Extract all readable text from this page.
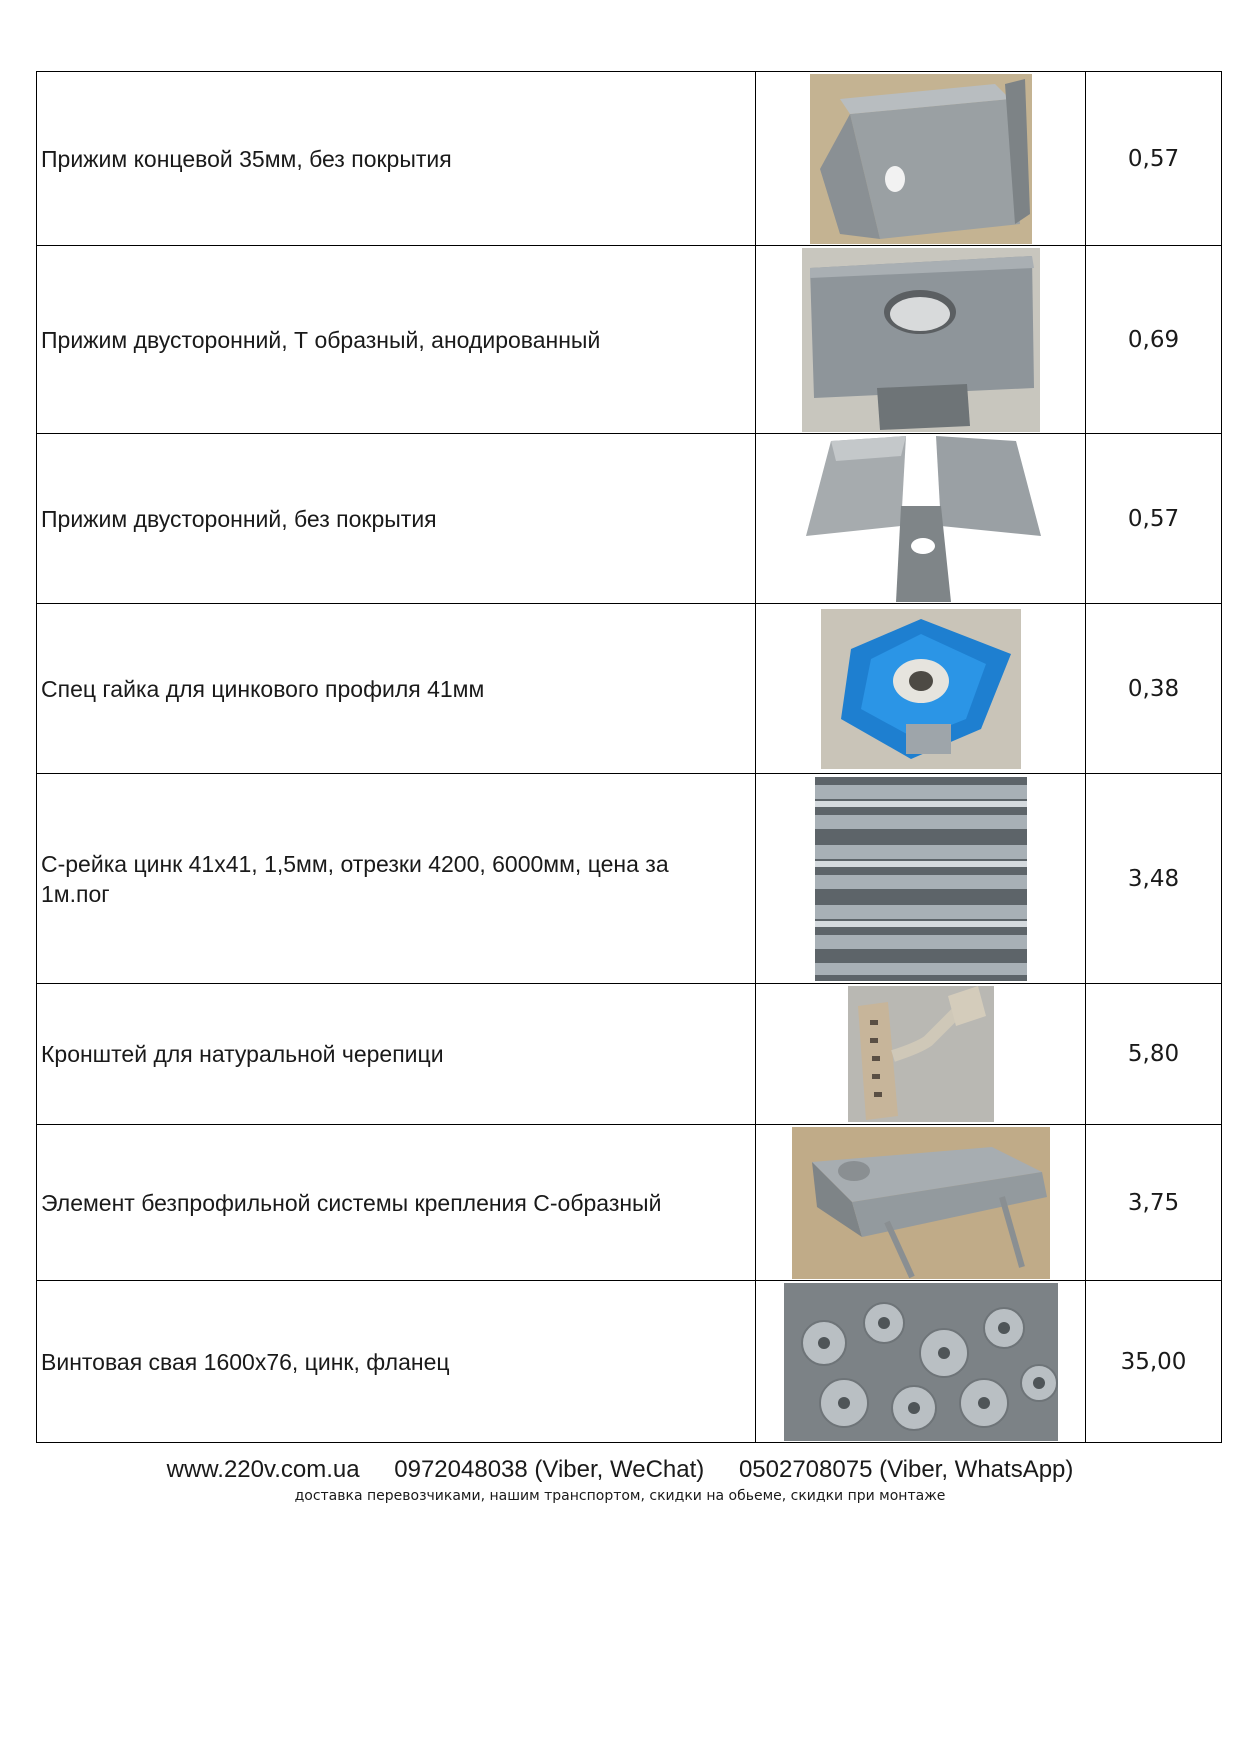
Прижим концевой 35мм, без покрытия		0,57
Прижим двусторонний, Т образный, анодированный		0,69
Прижим двусторонний, без покрытия		0,57
Спец гайка для цинкового профиля 41мм		0,38
С-рейка цинк 41х41, 1,5мм, отрезки 4200, 6000мм, цена за 1м.пог		3,48
Кронштей для натуральной черепици		5,80
Элемент безпрофильной системы крепления С-образный		3,75
Винтовая свая 1600х76, цинк, фланец		35,00
www.220v.com.ua 0972048038 (Viber, WeChat) 0502708075 (Viber, WhatsApp)
доставка перевозчиками, нашим транспортом, скидки на обьеме, скидки при монтаже
